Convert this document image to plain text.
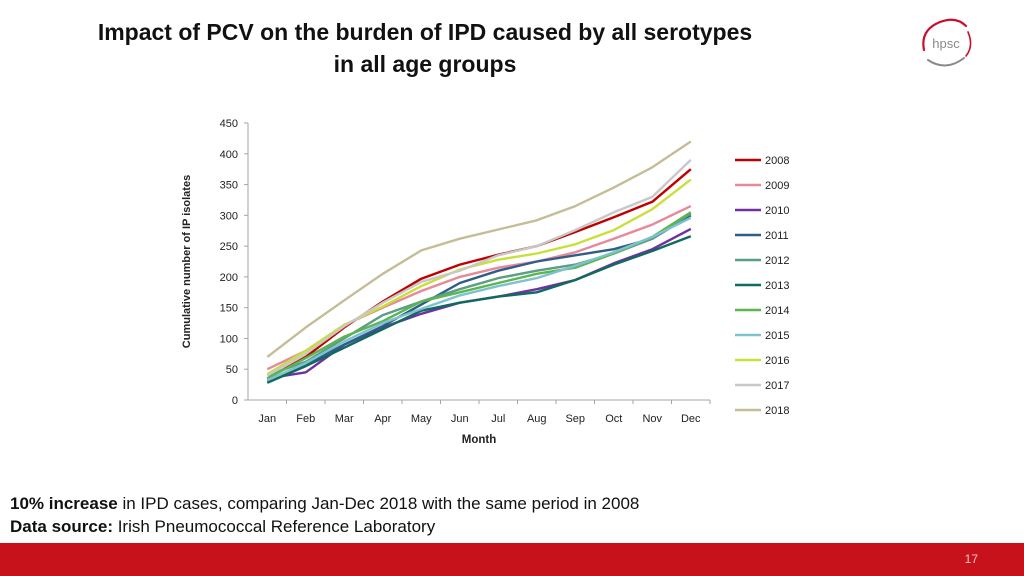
Impact of PCV on the burden of IPD caused by all serotypes
in all age groups
hpsc
0
50
100
150
200
250
300
350
400
450
Jan Feb Mar Apr May Jun Jul Aug Sep Oct Nov Dec
2008
2009
2010
2011
2012
2013
2014
2015
2016
2017
2018
Month
Cumulative number of IP isolates
10% increase in IPD cases, comparing Jan-Dec 2018 with the same period in 2008
Data source: Irish Pneumococcal Reference Laboratory
17
